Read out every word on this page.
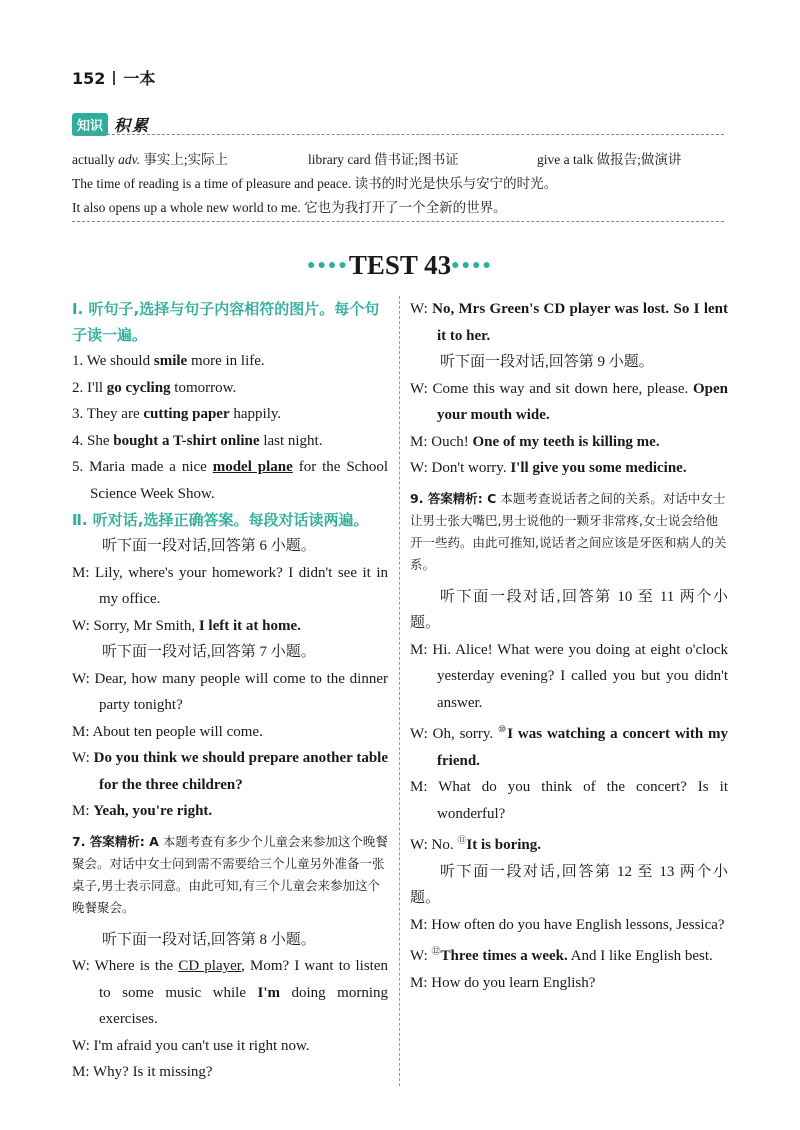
152 一本
知识 积累
actually adv. 事实上;实际上	library card 借书证;图书证	give a talk 做报告;做演讲
The time of reading is a time of pleasure and peace. 读书的时光是快乐与安宁的时光。
It also opens up a whole new world to me. 它也为我打开了一个全新的世界。
●●●●TEST 43●●●●
Ⅰ. 听句子,选择与句子内容相符的图片。每个句子读一遍。
1. We should smile more in life.
2. I'll go cycling tomorrow.
3. They are cutting paper happily.
4. She bought a T-shirt online last night.
5. Maria made a nice model plane for the School Science Week Show.
Ⅱ. 听对话,选择正确答案。每段对话读两遍。
听下面一段对话,回答第 6 小题。
M: Lily, where's your homework? I didn't see it in my office.
W: Sorry, Mr Smith, I left it at home.
听下面一段对话,回答第 7 小题。
W: Dear, how many people will come to the dinner party tonight?
M: About ten people will come.
W: Do you think we should prepare another table for the three children?
M: Yeah, you're right.
7. 答案精析: A 本题考查有多少个儿童会来参加这个晚餐聚会。对话中女士问到需不需要给三个儿童另外准备一张桌子,男士表示同意。由此可知,有三个儿童会来参加这个晚餐聚会。
听下面一段对话,回答第 8 小题。
W: Where is the CD player, Mom? I want to listen to some music while I'm doing morning exercises.
W: I'm afraid you can't use it right now.
M: Why? Is it missing?
W: No, Mrs Green's CD player was lost. So I lent it to her.
听下面一段对话,回答第 9 小题。
W: Come this way and sit down here, please. Open your mouth wide.
M: Ouch! One of my teeth is killing me.
W: Don't worry. I'll give you some medicine.
9. 答案精析: C 本题考查说话者之间的关系。对话中女士让男士张大嘴巴,男士说他的一颗牙非常疼,女士说会给他开一些药。由此可推知,说话者之间应该是牙医和病人的关系。
听下面一段对话,回答第 10 至 11 两个小题。
M: Hi. Alice! What were you doing at eight o'clock yesterday evening? I called you but you didn't answer.
W: Oh, sorry. ⑩I was watching a concert with my friend.
M: What do you think of the concert? Is it wonderful?
W: No. ⑪It is boring.
听下面一段对话,回答第 12 至 13 两个小题。
M: How often do you have English lessons, Jessica?
W: ⑫Three times a week. And I like English best.
M: How do you learn English?
